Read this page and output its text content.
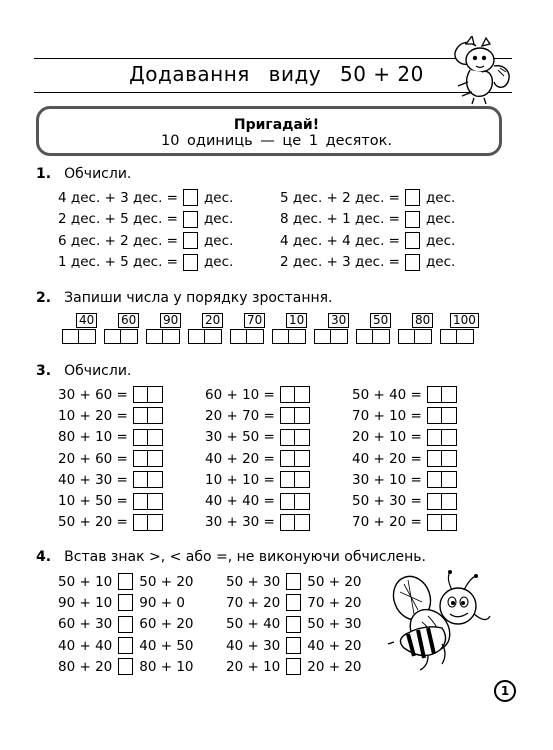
Додавання виду 50 + 20
Пригадай!
10 одиниць — це 1 десяток.
1. Обчисли.
4 дес. + 3 дес. = дес.
2 дес. + 5 дес. = дес.
6 дес. + 2 дес. = дес.
1 дес. + 5 дес. = дес.
5 дес. + 2 дес. = дес.
8 дес. + 1 дес. = дес.
4 дес. + 4 дес. = дес.
2 дес. + 3 дес. = дес.
2. Запиши числа у порядку зростання.
40 60 90 20 70 10 30 50 80 100
3. Обчисли.
30 + 60 =
10 + 20 =
80 + 10 =
20 + 60 =
40 + 30 =
10 + 50 =
50 + 20 =
60 + 10 =
20 + 70 =
30 + 50 =
40 + 20 =
10 + 10 =
40 + 40 =
30 + 30 =
50 + 40 =
70 + 10 =
20 + 10 =
40 + 20 =
30 + 10 =
50 + 30 =
70 + 20 =
4. Встав знак >, < або =, не виконуючи обчислень.
50 + 10 50 + 20
90 + 10 90 + 0
60 + 30 60 + 20
40 + 40 40 + 50
80 + 20 80 + 10
50 + 30 50 + 20
70 + 20 70 + 20
50 + 40 50 + 30
40 + 30 40 + 20
20 + 10 20 + 20
1
